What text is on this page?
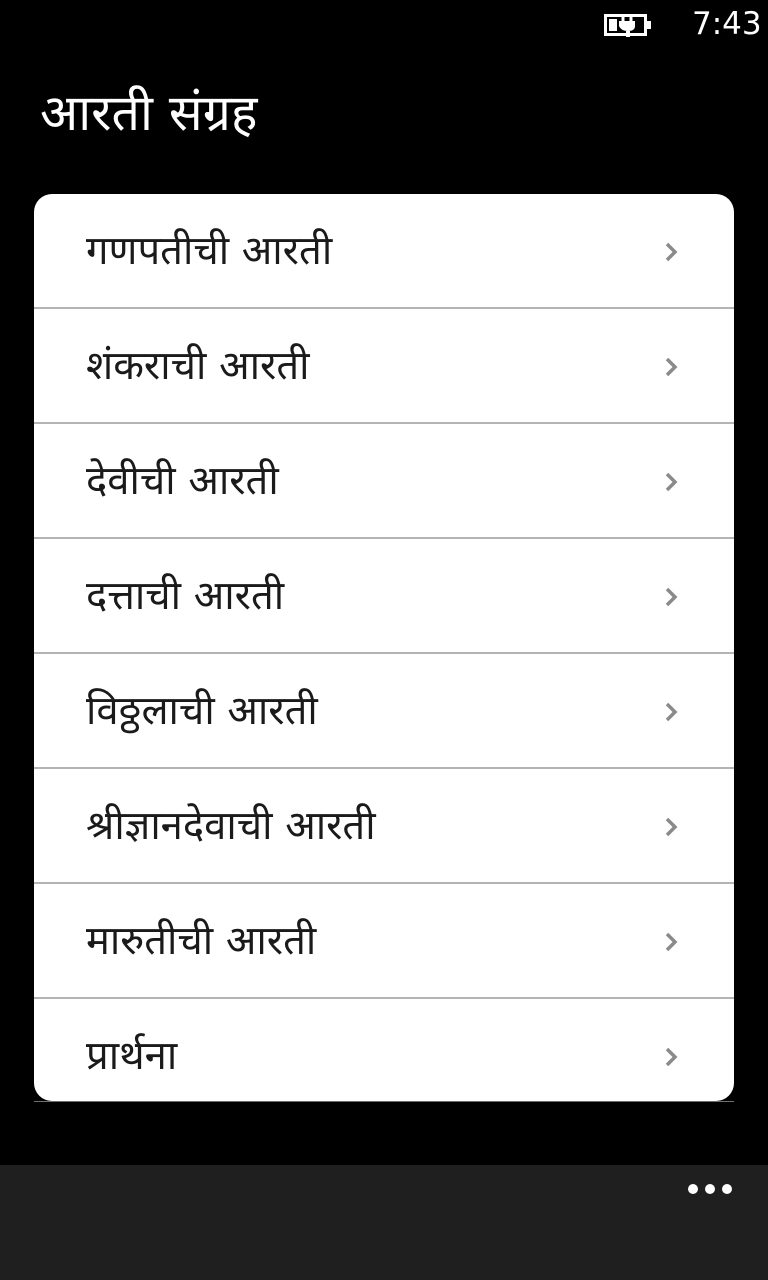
7:43
आरती संग्रह
गणपतीची आरती
शंकराची आरती
देवीची आरती
दत्ताची आरती
विठ्ठलाची आरती
श्रीज्ञानदेवाची आरती
मारुतीची आरती
प्रार्थना
